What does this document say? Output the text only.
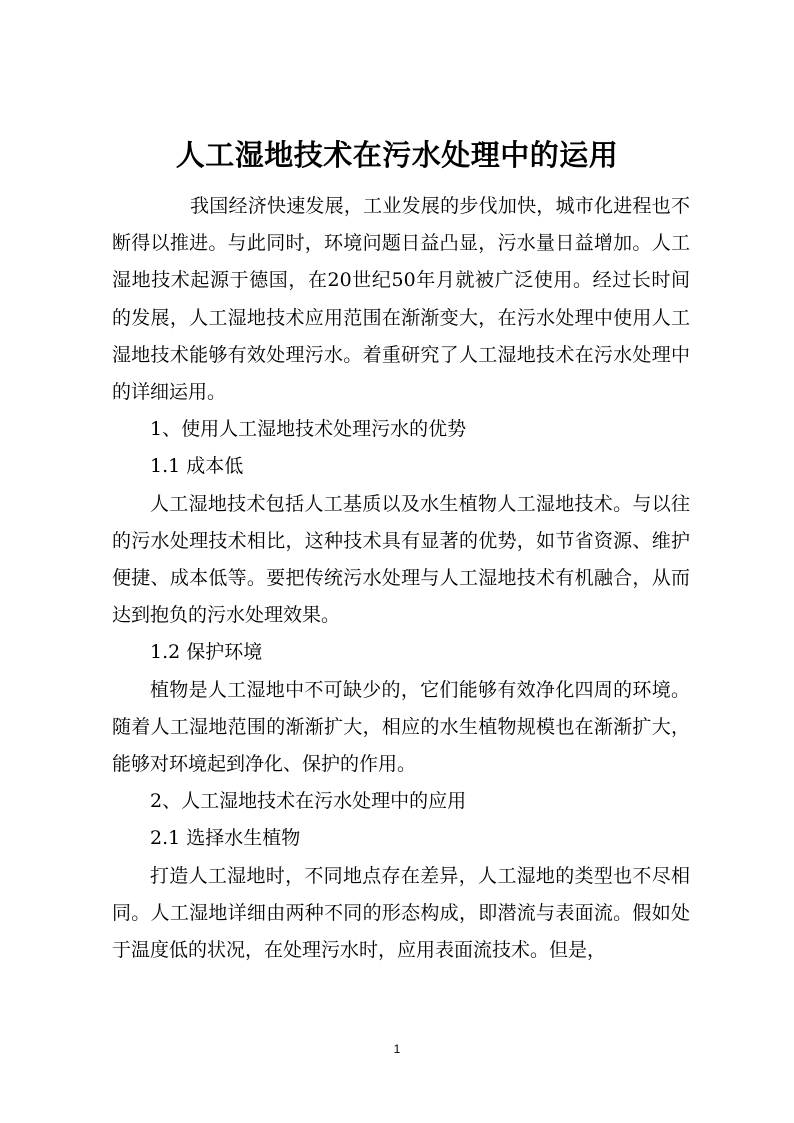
人工湿地技术在污水处理中的运用

我国经济快速发展，工业发展的步伐加快，城市化进程也不断得以推进。与此同时，环境问题日益凸显，污水量日益增加。人工湿地技术起源于德国，在20世纪50年月就被广泛使用。经过长时间的发展，人工湿地技术应用范围在渐渐变大，在污水处理中使用人工湿地技术能够有效处理污水。着重研究了人工湿地技术在污水处理中的详细运用。

1、使用人工湿地技术处理污水的优势

1.1 成本低

人工湿地技术包括人工基质以及水生植物人工湿地技术。与以往的污水处理技术相比，这种技术具有显著的优势，如节省资源、维护便捷、成本低等。要把传统污水处理与人工湿地技术有机融合，从而达到抱负的污水处理效果。

1.2 保护环境

植物是人工湿地中不可缺少的，它们能够有效净化四周的环境。随着人工湿地范围的渐渐扩大，相应的水生植物规模也在渐渐扩大，能够对环境起到净化、保护的作用。

2、人工湿地技术在污水处理中的应用

2.1 选择水生植物

打造人工湿地时，不同地点存在差异，人工湿地的类型也不尽相同。人工湿地详细由两种不同的形态构成，即潜流与表面流。假如处于温度低的状况，在处理污水时，应用表面流技术。但是，

1
